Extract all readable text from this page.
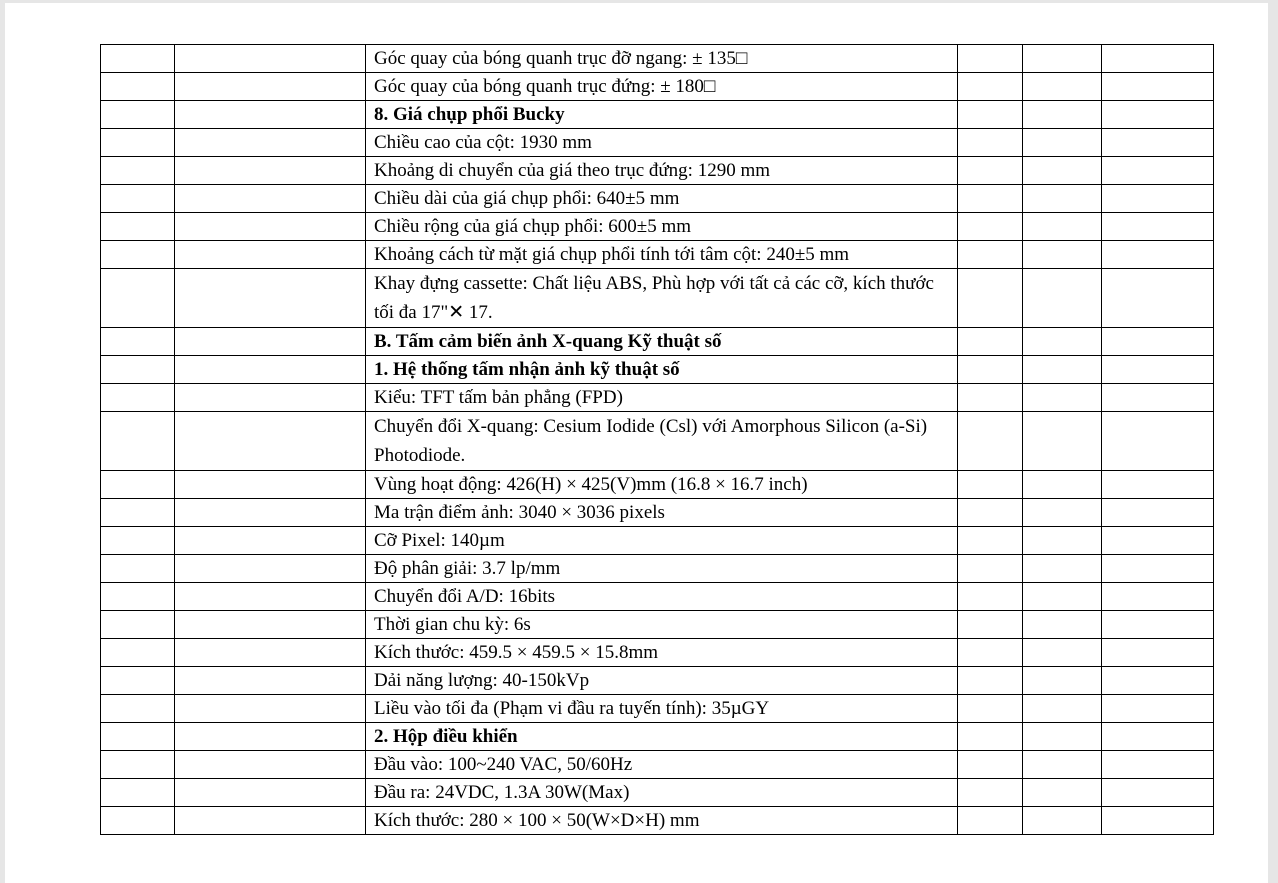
		Góc quay của bóng quanh trục đỡ ngang: ± 135□			
		Góc quay của bóng quanh trục đứng: ± 180□			
		8. Giá chụp phổi Bucky			
		Chiều cao của cột: 1930 mm			
		Khoảng di chuyển của giá theo trục đứng: 1290 mm			
		Chiều dài của giá chụp phổi: 640±5 mm			
		Chiều rộng của giá chụp phổi: 600±5 mm			
		Khoảng cách từ mặt giá chụp phổi tính tới tâm cột: 240±5 mm			
		Khay đựng cassette: Chất liệu ABS, Phù hợp với tất cả các cỡ, kích thước tối đa 17"✕ 17.			
		B. Tấm cảm biến ảnh X-quang Kỹ thuật số			
		1. Hệ thống tấm nhận ảnh kỹ thuật số			
		Kiểu: TFT tấm bản phẳng (FPD)			
		Chuyển đổi X-quang: Cesium Iodide (Csl) với Amorphous Silicon (a-Si) Photodiode.			
		Vùng hoạt động: 426(H) × 425(V)mm (16.8 × 16.7 inch)			
		Ma trận điểm ảnh: 3040 × 3036 pixels			
		Cỡ Pixel: 140µm			
		Độ phân giải: 3.7 lp/mm			
		Chuyển đổi A/D: 16bits			
		Thời gian chu kỳ: 6s			
		Kích thước: 459.5 × 459.5 × 15.8mm			
		Dải năng lượng: 40-150kVp			
		Liều vào tối đa (Phạm vi đầu ra tuyến tính): 35µGY			
		2. Hộp điều khiển			
		Đầu vào: 100~240 VAC, 50/60Hz			
		Đầu ra: 24VDC, 1.3A 30W(Max)			
		Kích thước: 280 × 100 × 50(W×D×H) mm			
